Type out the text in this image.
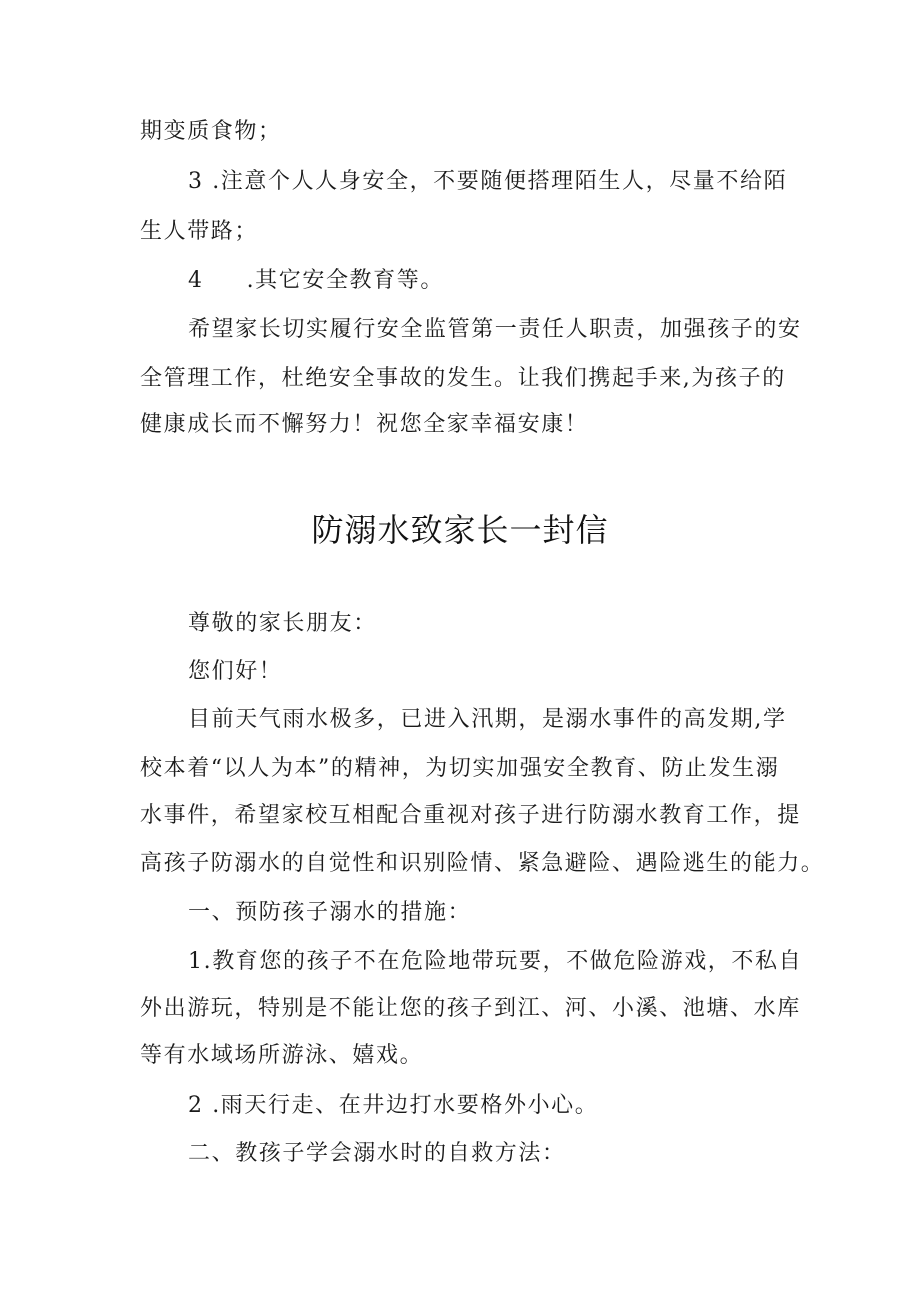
期变质食物；
3 .注意个人人身安全，不要随便搭理陌生人，尽量不给陌
生人带路；
4     .其它安全教育等。
希望家长切实履行安全监管第一责任人职责，加强孩子的安
全管理工作，杜绝安全事故的发生。让我们携起手来,为孩子的
健康成长而不懈努力！祝您全家幸福安康！
防溺水致家长一封信
尊敬的家长朋友：
您们好！
目前天气雨水极多，已进入汛期，是溺水事件的高发期,学
校本着“以人为本”的精神，为切实加强安全教育、防止发生溺
水事件，希望家校互相配合重视对孩子进行防溺水教育工作，提
高孩子防溺水的自觉性和识别险情、紧急避险、遇险逃生的能力。
一、预防孩子溺水的措施：
1.教育您的孩子不在危险地带玩要，不做危险游戏，不私自
外出游玩，特别是不能让您的孩子到江、河、小溪、池塘、水库
等有水域场所游泳、嬉戏。
2 .雨天行走、在井边打水要格外小心。
二、教孩子学会溺水时的自救方法：
